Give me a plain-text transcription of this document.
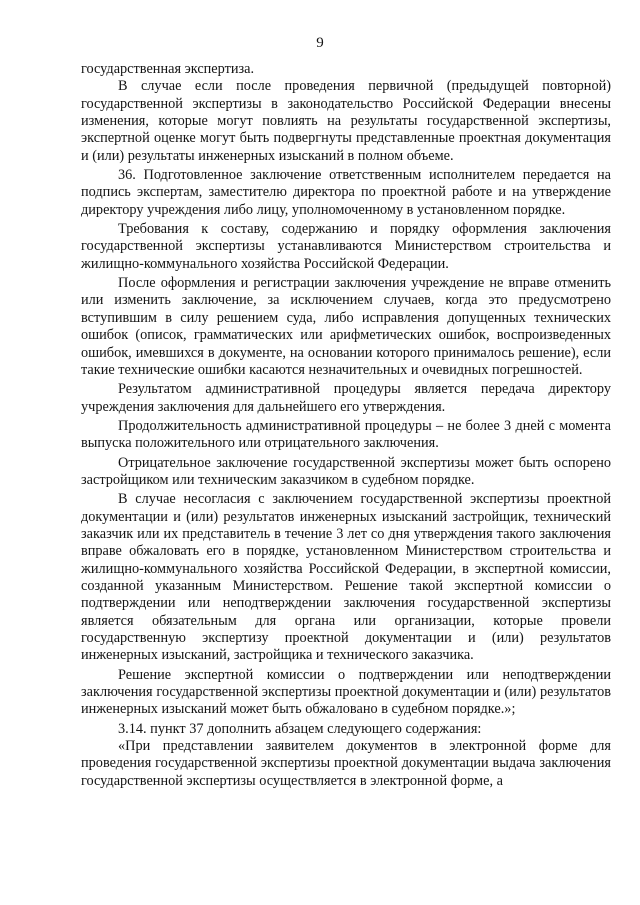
9

государственная экспертиза.

В случае если после проведения первичной (предыдущей повторной) государственной экспертизы в законодательство Российской Федерации внесены изменения, которые могут повлиять на результаты государственной экспертизы, экспертной оценке могут быть подвергнуты представленные проектная документация и (или) результаты инженерных изысканий в полном объеме.

36. Подготовленное заключение ответственным исполнителем передается на подпись экспертам, заместителю директора по проектной работе и на утверждение директору учреждения либо лицу, уполномоченному в установленном порядке.

Требования к составу, содержанию и порядку оформления заключения государственной экспертизы устанавливаются Министерством строительства и жилищно-коммунального хозяйства Российской Федерации.

После оформления и регистрации заключения учреждение не вправе отменить или изменить заключение, за исключением случаев, когда это предусмотрено вступившим в силу решением суда, либо исправления допущенных технических ошибок (описок, грамматических или арифметических ошибок, воспроизведенных ошибок, имевшихся в документе, на основании которого принималось решение), если такие технические ошибки касаются незначительных и очевидных погрешностей.

Результатом административной процедуры является передача директору учреждения заключения для дальнейшего его утверждения.

Продолжительность административной процедуры – не более 3 дней с момента выпуска положительного или отрицательного заключения.

Отрицательное заключение государственной экспертизы может быть оспорено застройщиком или техническим заказчиком в судебном порядке.

В случае несогласия с заключением государственной экспертизы проектной документации и (или) результатов инженерных изысканий застройщик, технический заказчик или их представитель в течение 3 лет со дня утверждения такого заключения вправе обжаловать его в порядке, установленном Министерством строительства и жилищно-коммунального хозяйства Российской Федерации, в экспертной комиссии, созданной указанным Министерством. Решение такой экспертной комиссии о подтверждении или неподтверждении заключения государственной экспертизы является обязательным для органа или организации, которые провели государственную экспертизу проектной документации и (или) результатов инженерных изысканий, застройщика и технического заказчика.

Решение экспертной комиссии о подтверждении или неподтверждении заключения государственной экспертизы проектной документации и (или) результатов инженерных изысканий может быть обжаловано в судебном порядке.»;

3.14. пункт 37 дополнить абзацем следующего содержания:

«При представлении заявителем документов в электронной форме для проведения государственной экспертизы проектной документации выдача заключения государственной экспертизы осуществляется в электронной форме, а
